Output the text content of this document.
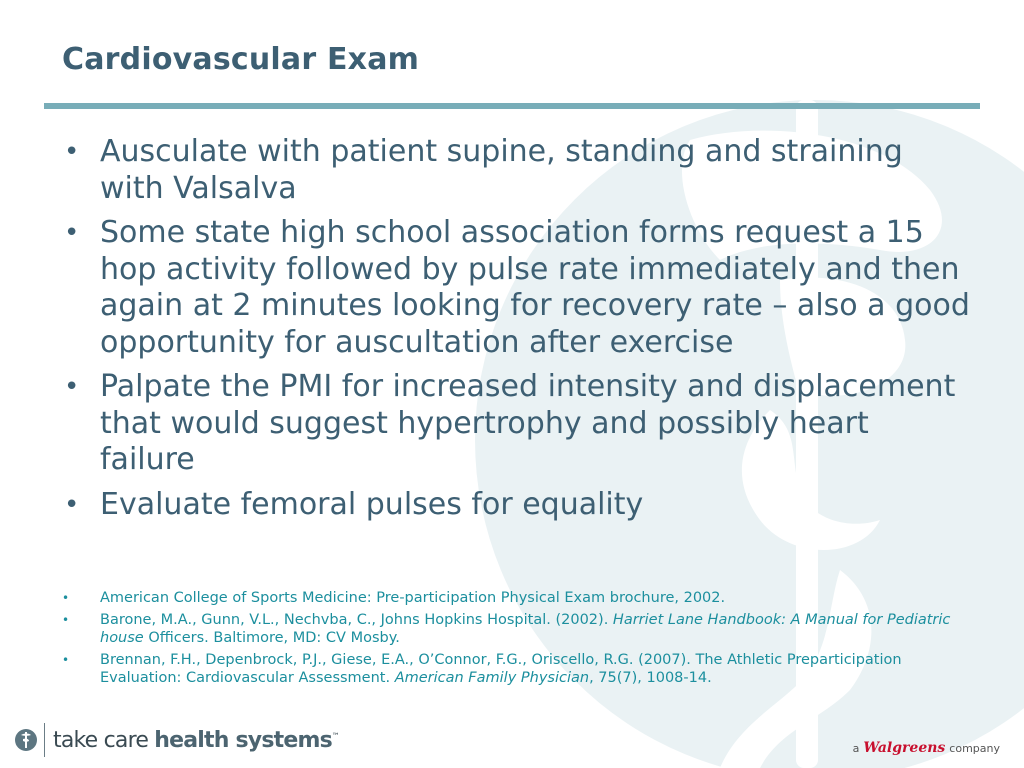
Cardiovascular Exam
• Ausculate with patient supine, standing and straining with Valsalva
• Some state high school association forms request a 15 hop activity followed by pulse rate immediately and then again at 2 minutes looking for recovery rate – also a good opportunity for auscultation after exercise
• Palpate the PMI for increased intensity and displacement that would suggest hypertrophy and possibly heart failure
• Evaluate femoral pulses for equality
• American College of Sports Medicine: Pre-participation Physical Exam brochure, 2002.
• Barone, M.A., Gunn, V.L., Nechvba, C., Johns Hopkins Hospital. (2002). Harriet Lane Handbook: A Manual for Pediatric house Officers. Baltimore, MD: CV Mosby.
• Brennan, F.H., Depenbrock, P.J., Giese, E.A., O’Connor, F.G., Oriscello, R.G. (2007). The Athletic Preparticipation Evaluation: Cardiovascular Assessment. American Family Physician, 75(7), 1008-14.
take care health systems™
a Walgreens company
